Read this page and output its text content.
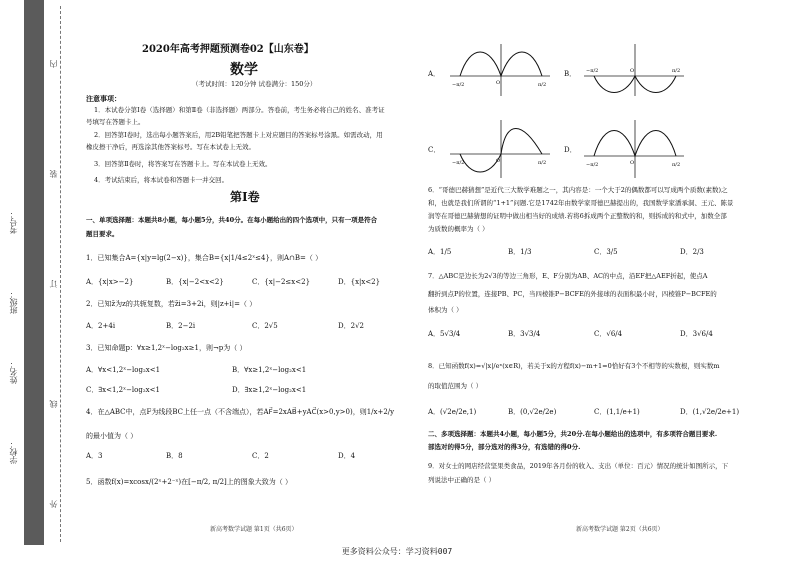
内
装
订
线
外
考号：
班级：
姓名：
学校：
2020年高考押题预测卷02【山东卷】
数学
（考试时间：120分钟 试卷满分：150分）
注意事项：
1．本试卷分第Ⅰ卷（选择题）和第Ⅱ卷（非选择题）两部分。答卷前，考生务必将自己的姓名、准考证
号填写在答题卡上。
2．回答第Ⅰ卷时，选出每小题答案后，用2B铅笔把答题卡上对应题目的答案标号涂黑。如需改动，用
橡皮擦干净后，再选涂其他答案标号。写在本试卷上无效。
3．回答第Ⅱ卷时，将答案写在答题卡上。写在本试卷上无效。
4．考试结束后，将本试卷和答题卡一并交回。
第Ⅰ卷
一、单项选择题：本题共8小题，每小题5分，共40分。在每小题给出的四个选项中，只有一项是符合
题目要求。
1．已知集合A={x|y=lg(2−x)}，集合B={x|1/4≤2ˣ≤4}，则A∩B=（ ）
A．{x|x>−2}	B．{x|−2<x<2}	C．{x|−2≤x<2}	D．{x|x<2}
2．已知z̄为z的共轭复数，若z̄i=3+2i，则|z+i|=（ ）
A．2+4i	B．2−2i	C．2√5	D．2√2
3．已知命题p：∀x≥1,2ˣ−log₂x≥1，则¬p为（ ）
A．∀x<1,2ˣ−log₂x<1	B．∀x≥1,2ˣ−log₂x<1
C．∃x<1,2ˣ−log₂x<1	D．∃x≥1,2ˣ−log₂x<1
4．在△ABC中，点F为线段BC上任一点（不含端点），若AF⃗=2xAB⃗+yAC⃗(x>0,y>0)，则1/x+2/y
的最小值为（ ）
A．3	B．8	C．2	D．4
5．函数f(x)=xcosx/(2ˣ+2⁻ˣ)在[−π/2, π/2]上的图象大致为（ ）
新高考数学试题 第1页（共6页）
A．	B．
C．	D．
−π/2	π/2
O
−π/2	π/2
O
−π/2	π/2
O
−π/2	π/2
O
6．“哥德巴赫猜想”是近代三大数学难题之一，其内容是：一个大于2的偶数都可以写成两个质数(素数)之
和，也就是我们所谓的“1+1”问题.它是1742年由数学家哥德巴赫提出的，我国数学家潘承洞、王元、陈景
润等在哥德巴赫猜想的证明中做出相当好的成绩.若将6拆成两个正整数的和，则拆成的和式中，加数全部
为质数的概率为（ ）
A．1/5	B．1/3	C．3/5	D．2/3
7．△ABC是边长为2√3的等边三角形，E、F分别为AB、AC的中点，沿EF把△AEF折起，使点A
翻折到点P的位置，连接PB、PC，当四棱锥P−BCFE的外接球的表面积最小时，四棱锥P−BCFE的
体积为（ ）
A．5√3/4	B．3√3/4	C．√6/4	D．3√6/4
8．已知函数f(x)=√|x|/eˣ(x∈R)，若关于x的方程f(x)−m+1=0恰好有3个不相等的实数根，则实数m
的取值范围为（ ）
A．(√2e/2e,1)	B．(0,√2e/2e)	C．(1,1/e+1)	D．(1,√2e/2e+1)
二、多项选择题：本题共4小题，每小题5分，共20分.在每小题给出的选项中，有多项符合题目要求.
部选对的得5分，部分选对的得3分，有选错的得0分.
9．对女士的网店经营坚果类食品，2019年各月份的收入、支出（单位：百元）情况的统计如图所示，下
列说法中正确的是（ ）
新高考数学试题 第2页（共6页）
更多资料公众号：学习资料007
